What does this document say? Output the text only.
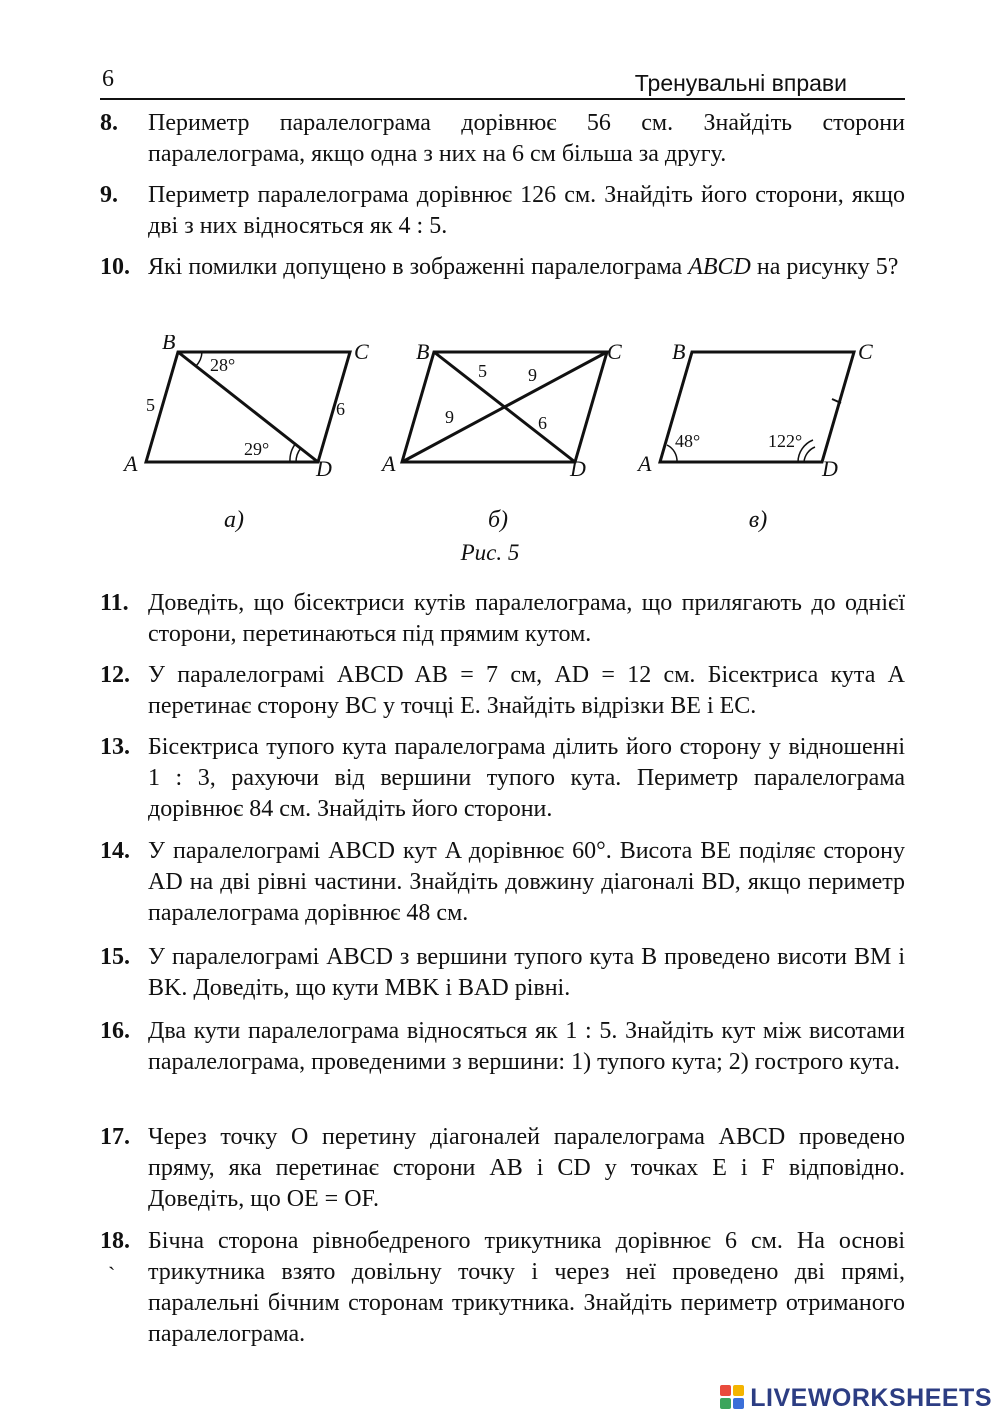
6	Тренувальні вправи
8. Периметр паралелограма дорівнює 56 см. Знайдіть сторони паралелограма, якщо одна з них на 6 см більша за другу.
9. Периметр паралелограма дорівнює 126 см. Знайдіть його сторони, якщо дві з них відносяться як 4 : 5.
10. Які помилки допущено в зображенні паралелограма ABCD на рисунку 5?
A
B	C
D
5	6
28°
29°
A
B	C
D
5 9
9	6
A
B	C
D
48°	122°
а)	б)	в)
Рис. 5
11. Доведіть, що бісектриси кутів паралелограма, що прилягають до однієї сторони, перетинаються під прямим кутом.
12. У паралелограмі ABCD AB = 7 см, AD = 12 см. Бісектриса кута A перетинає сторону BC у точці E. Знайдіть відрізки BE і EC.
13. Бісектриса тупого кута паралелограма ділить його сторону у відношенні 1 : 3, рахуючи від вершини тупого кута. Периметр паралелограма дорівнює 84 см. Знайдіть його сторони.
14. У паралелограмі ABCD кут A дорівнює 60°. Висота BE поділяє сторону AD на дві рівні частини. Знайдіть довжину діагоналі BD, якщо периметр паралелограма дорівнює 48 см.
15. У паралелограмі ABCD з вершини тупого кута B проведено висоти BM і BK. Доведіть, що кути MBK і BAD рівні.
16. Два кути паралелограма відносяться як 1 : 5. Знайдіть кут між висотами паралелограма, проведеними з вершини: 1) тупого кута; 2) гострого кута.
17. Через точку O перетину діагоналей паралелограма ABCD проведено пряму, яка перетинає сторони AB і CD у точках E і F відповідно. Доведіть, що OE = OF.
18. Бічна сторона рівнобедреного трикутника дорівнює 6 см. На основі трикутника взято довільну точку і через неї проведено дві прямі, паралельні бічним сторонам трикутника. Знайдіть периметр отриманого паралелограма.
`
LIVEWORKSHEETS
